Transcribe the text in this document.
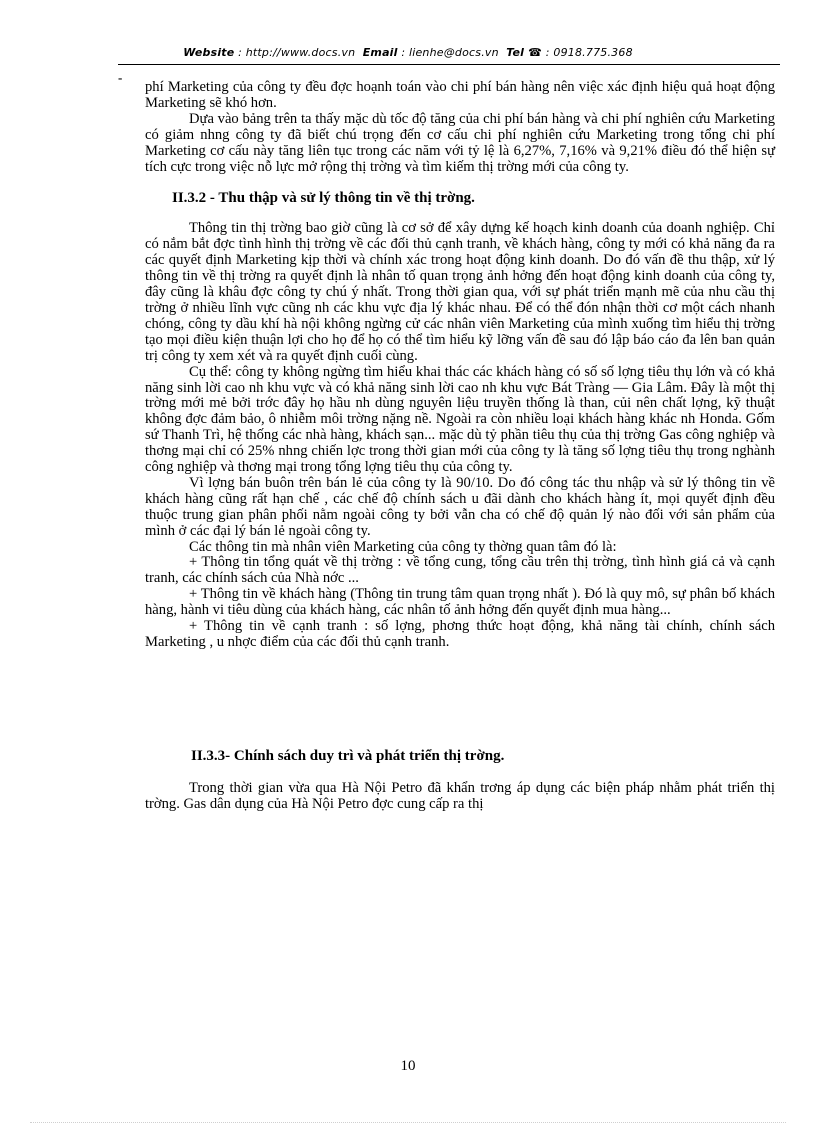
Website : http://www.docs.vn Email : lienhe@docs.vn Tel ☎ : 0918.775.368
-

phí Marketing của công ty đều đợc hoạnh toán vào chi phí bán hàng nên việc xác định hiệu quả hoạt động Marketing sẽ khó hơn.

Dựa vào bảng trên ta thấy mặc dù tốc độ tăng của chi phí bán hàng và chi phí nghiên cứu Marketing có giảm nhng công ty đã biết chú trọng đến cơ cấu chi phí nghiên cứu Marketing trong tổng chi phí Marketing cơ cấu này tăng liên tục trong các năm với tỷ lệ là 6,27%, 7,16% và 9,21% điều đó thể hiện sự tích cực trong việc nỗ lực mở rộng thị trờng và tìm kiếm thị trờng mới của công ty.

II.3.2 - Thu thập và sử lý thông tin về thị trờng.

Thông tin thị trờng bao giờ cũng là cơ sở để xây dựng kế hoạch kinh doanh của doanh nghiệp. Chỉ có nắm bắt đợc tình hình thị trờng về các đối thủ cạnh tranh, về khách hàng, công ty mới có khả năng đa ra các quyết định Marketing kịp thời và chính xác trong hoạt động kinh doanh. Do đó vấn đề thu thập, xử lý thông tin về thị trờng ra quyết định là nhân tố quan trọng ảnh hởng đến hoạt động kinh doanh của công ty, đây cũng là khâu đợc công ty chú ý nhất. Trong thời gian qua, với sự phát triển mạnh mẽ của nhu cầu thị trờng ở nhiều lĩnh vực cũng nh các khu vực địa lý khác nhau. Để có thể đón nhận thời cơ một cách nhanh chóng, công ty dầu khí hà nội không ngừng cử các nhân viên Marketing của mình xuống tìm hiểu thị trờng tạo mọi điều kiện thuận lợi cho họ để họ có thể tìm hiểu kỹ lỡng vấn đề sau đó lập báo cáo đa lên ban quản trị công ty xem xét và ra quyết định cuối cùng.

Cụ thể: công ty không ngừng tìm hiểu khai thác các khách hàng có số số lợng tiêu thụ lớn và có khả năng sinh lời cao nh khu vực và có khả năng sinh lời cao nh khu vực Bát Tràng — Gia Lâm. Đây là một thị trờng mới mẻ bởi trớc đây họ hầu nh dùng nguyên liệu truyền thống là than, củi nên chất lợng, kỹ thuật không đợc đảm bảo, ô nhiễm môi trờng nặng nề. Ngoài ra còn nhiều loại khách hàng khác nh Honda. Gốm sứ Thanh Trì, hệ thống các nhà hàng, khách sạn... mặc dù tỷ phần tiêu thụ của thị trờng Gas công nghiệp và thơng mại chỉ có 25% nhng chiến lợc trong thời gian mới của công ty là tăng số lợng tiêu thụ trong nghành công nghiệp và thơng mại trong tổng lợng tiêu thụ của công ty.

Vì lợng bán buôn trên bán lẻ của công ty là 90/10. Do đó công tác thu nhập và sử lý thông tin về khách hàng cũng rất hạn chế , các chế độ chính sách u đãi dành cho khách hàng ít, mọi quyết định đều thuộc trung gian phân phối nằm ngoài công ty bởi vẫn cha có chế độ quản lý nào đối với sản phẩm của mình ở các đại lý bán lẻ ngoài công ty.

Các thông tin mà nhân viên Marketing của công ty thờng quan tâm đó là:

+ Thông tin tổng quát về thị trờng : về tổng cung, tổng cầu trên thị trờng, tình hình giá cả và cạnh tranh, các chính sách của Nhà nớc ...

+ Thông tin về khách hàng (Thông tin trung tâm quan trọng nhất ). Đó là quy mô, sự phân bố khách hàng, hành vi tiêu dùng của khách hàng, các nhân tố ảnh hởng đến quyết định mua hàng...

+ Thông tin về cạnh tranh : số lợng, phơng thức hoạt động, khả năng tài chính, chính sách Marketing , u nhợc điểm của các đối thủ cạnh tranh.

II.3.3- Chính sách duy trì và phát triển thị trờng.

Trong thời gian vừa qua Hà Nội Petro đã khẩn trơng áp dụng các biện pháp nhằm phát triển thị trờng. Gas dân dụng của Hà Nội Petro đợc cung cấp ra thị

10
